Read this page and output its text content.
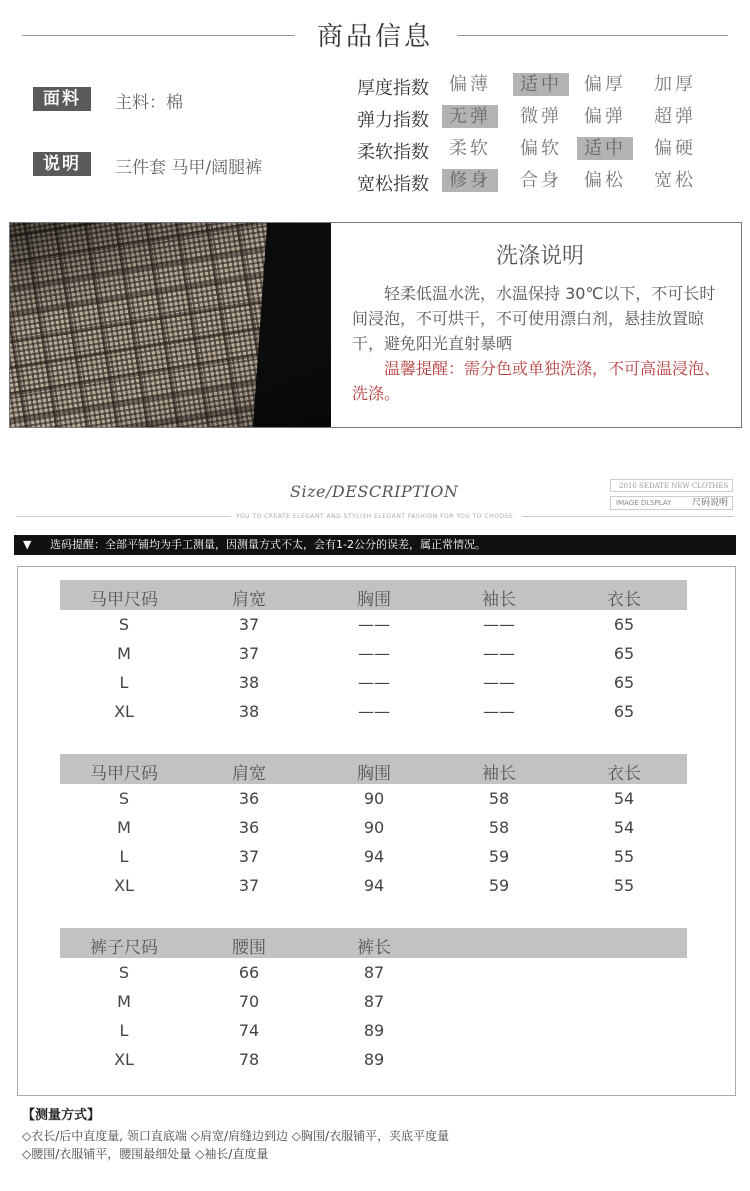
商品信息
面料	主料：棉
说明	三件套 马甲/阔腿裤
厚度指数	偏薄	适中	偏厚	加厚
弹力指数	无弹	微弹	偏弹	超弹
柔软指数	柔软	偏软	适中	偏硬
宽松指数	修身	合身	偏松	宽松
洗涤说明

轻柔低温水洗，水温保持 30℃以下，不可长时间浸泡，不可烘干，不可使用漂白剂，悬挂放置晾干，避免阳光直射暴晒

温馨提醒：需分色或单独洗涤，不可高温浸泡、洗涤。

Size/DESCRIPTION
YOU TO CREATE ELEGANT AND STYLISH ELEGANT FASHION FOR YOU TO CHOOSE
2016 SEDATE NEW CLOTHES
IMAGE DLSPLAY 尺码说明
▼ 选码提醒：全部平铺均为手工测量，因测量方式不太，会有1-2公分的误差，属正常情况。
马甲尺码	肩宽	胸围	袖长	衣长
S	37	——	——	65
M	37	——	——	65
L	38	——	——	65
XL	38	——	——	65
马甲尺码	肩宽	胸围	袖长	衣长
S	36	90	58	54
M	36	90	58	54
L	37	94	59	55
XL	37	94	59	55
裤子尺码	腰围	裤长
S	66	87
M	70	87
L	74	89
XL	78	89
【测量方式】
◇衣长/后中直度量, 领口直底端 ◇肩宽/肩缝边到边 ◇胸围/衣服铺平，夹底平度量
◇腰围/衣服铺平，腰围最细处量 ◇袖长/直度量
